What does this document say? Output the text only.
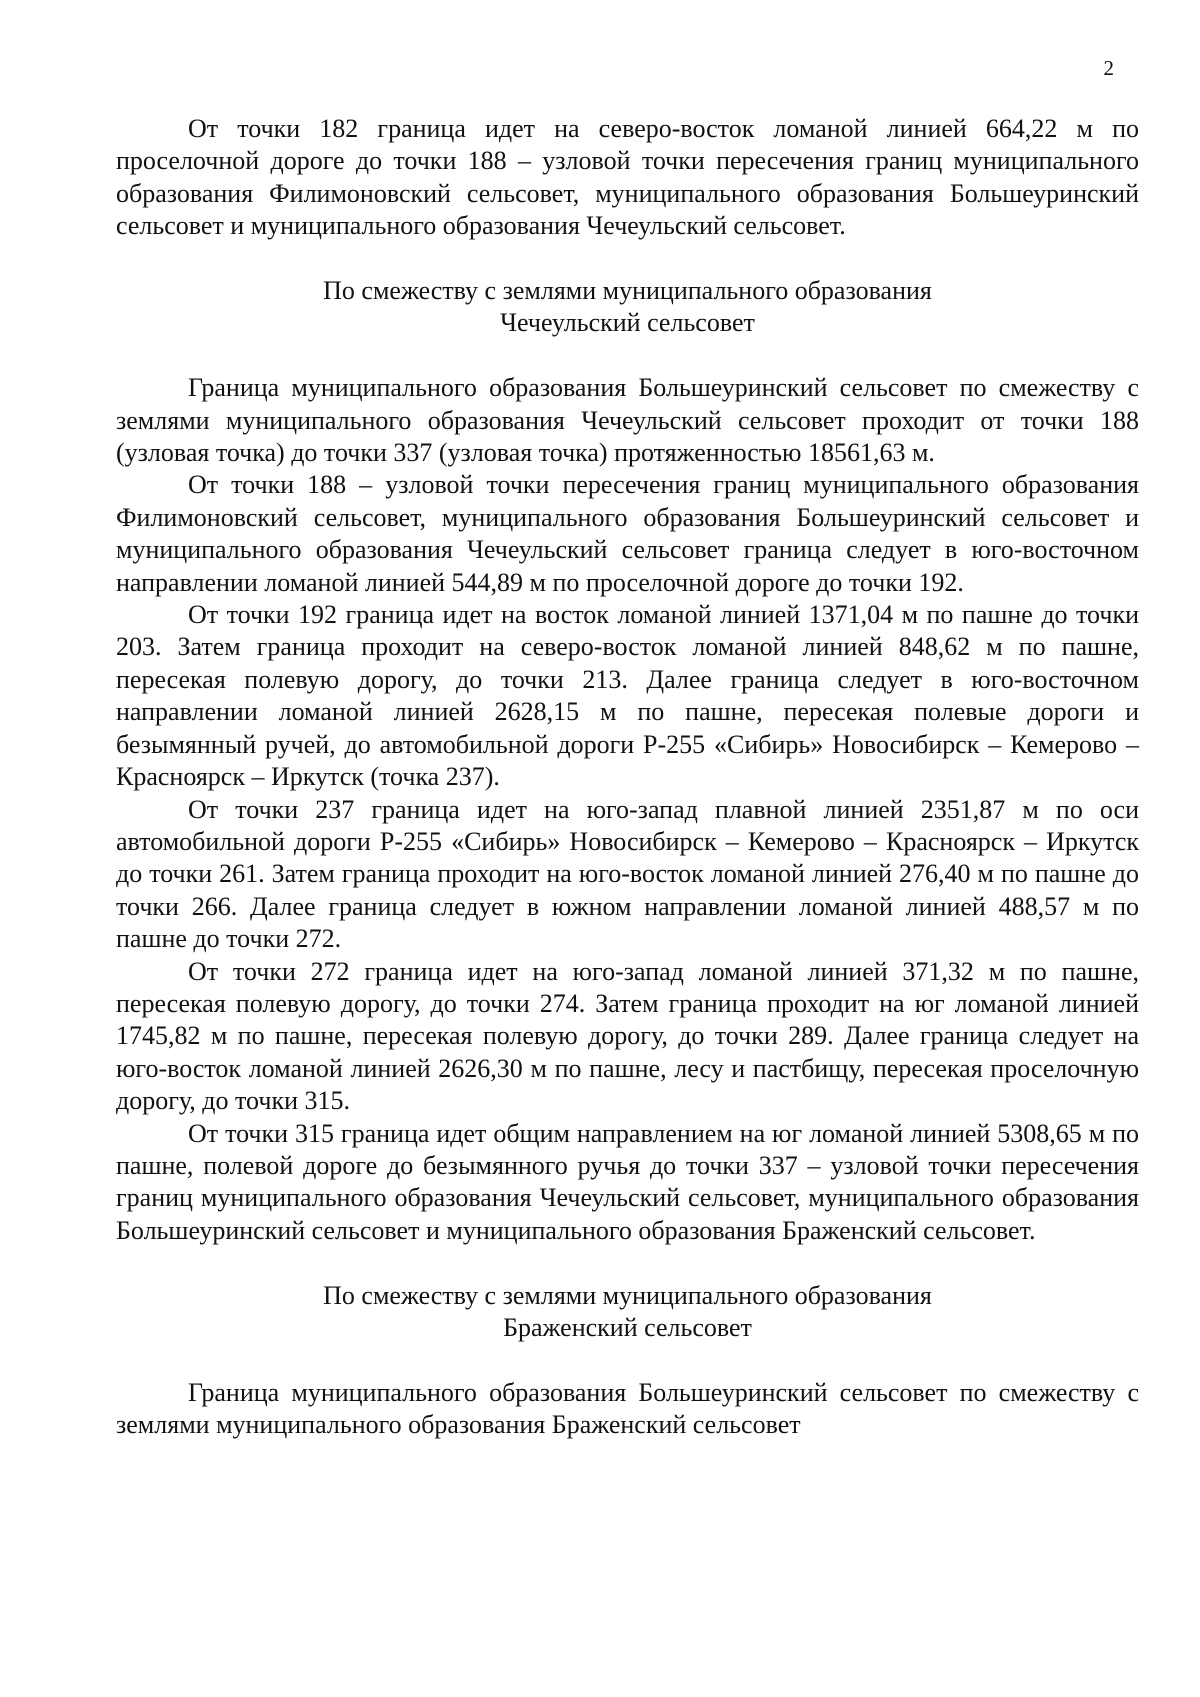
2

От точки 182 граница идет на северо-восток ломаной линией 664,22 м по проселочной дороге до точки 188 – узловой точки пересечения границ муниципального образования Филимоновский сельсовет, муниципального образования Большеуринский сельсовет и муниципального образования Чечеульский сельсовет.

По смежеству с землями муниципального образования
Чечеульский сельсовет

Граница муниципального образования Большеуринский сельсовет по смежеству с землями муниципального образования Чечеульский сельсовет проходит от точки 188 (узловая точка) до точки 337 (узловая точка) протяженностью 18561,63 м.

От точки 188 – узловой точки пересечения границ муниципального образования Филимоновский сельсовет, муниципального образования Большеуринский сельсовет и муниципального образования Чечеульский сельсовет граница следует в юго-восточном направлении ломаной линией 544,89 м по проселочной дороге до точки 192.

От точки 192 граница идет на восток ломаной линией 1371,04 м по пашне до точки 203. Затем граница проходит на северо-восток ломаной линией 848,62 м по пашне, пересекая полевую дорогу, до точки 213. Далее граница следует в юго-восточном направлении ломаной линией 2628,15 м по пашне, пересекая полевые дороги и безымянный ручей, до автомобильной дороги Р-255 «Сибирь» Новосибирск – Кемерово – Красноярск – Иркутск (точка 237).

От точки 237 граница идет на юго-запад плавной линией 2351,87 м по оси автомобильной дороги Р-255 «Сибирь» Новосибирск – Кемерово – Красноярск – Иркутск до точки 261. Затем граница проходит на юго-восток ломаной линией 276,40 м по пашне до точки 266. Далее граница следует в южном направлении ломаной линией 488,57 м по пашне до точки 272.

От точки 272 граница идет на юго-запад ломаной линией 371,32 м по пашне, пересекая полевую дорогу, до точки 274. Затем граница проходит на юг ломаной линией 1745,82 м по пашне, пересекая полевую дорогу, до точки 289. Далее граница следует на юго-восток ломаной линией 2626,30 м по пашне, лесу и пастбищу, пересекая проселочную дорогу, до точки 315.

От точки 315 граница идет общим направлением на юг ломаной линией 5308,65 м по пашне, полевой дороге до безымянного ручья до точки 337 – узловой точки пересечения границ муниципального образования Чечеульский сельсовет, муниципального образования Большеуринский сельсовет и муниципального образования Браженский сельсовет.

По смежеству с землями муниципального образования
Браженский сельсовет

Граница муниципального образования Большеуринский сельсовет по смежеству с землями муниципального образования Браженский сельсовет
